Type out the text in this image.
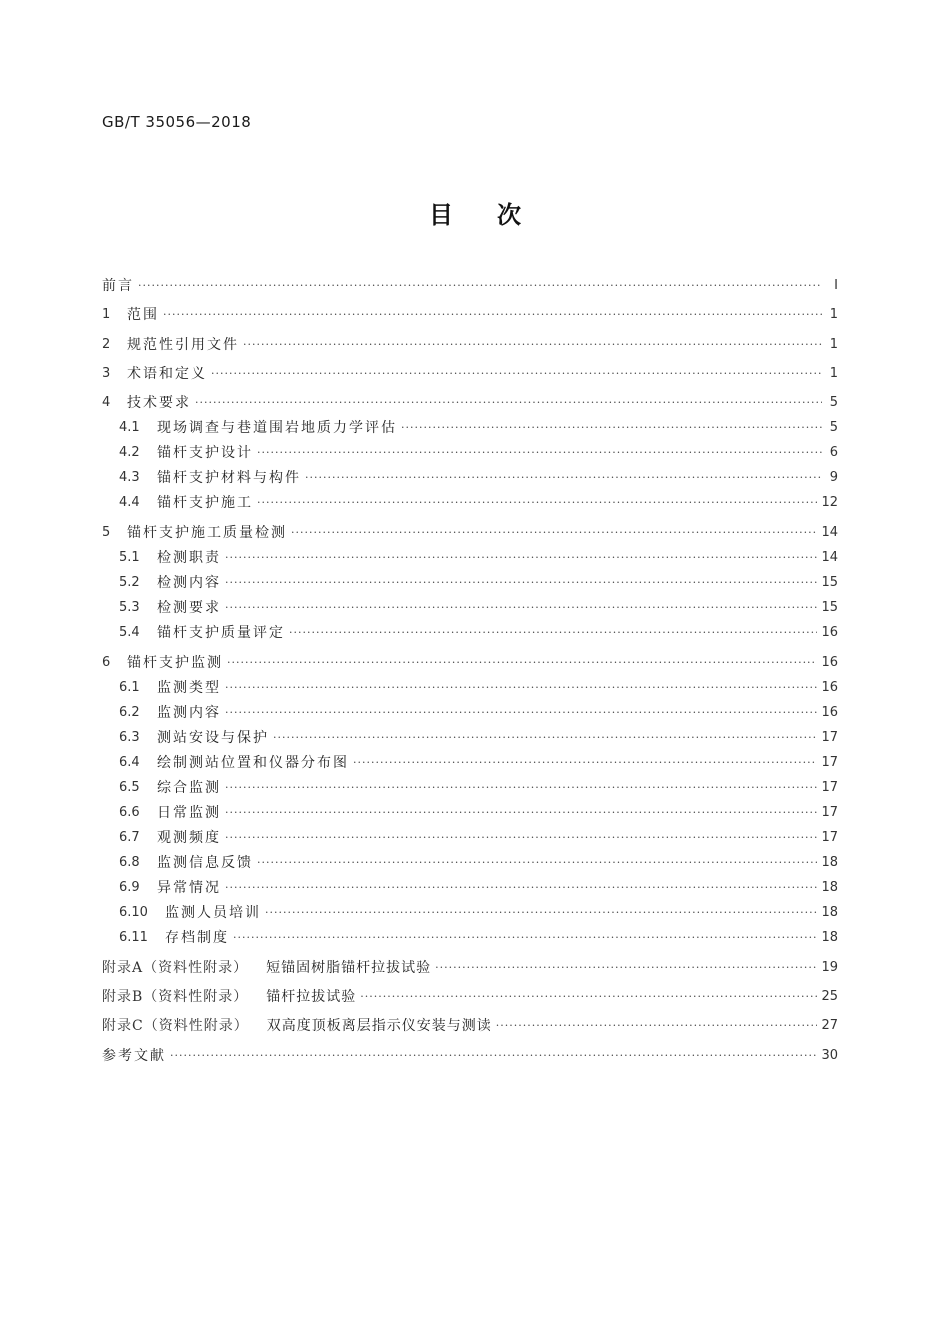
GB/T 35056—2018
目次
前言 ·····	Ⅰ
1	范围 ·····	1
2	规范性引用文件 ·····	1
3	术语和定义 ·····	1
4	技术要求 ·····	5
4.1	现场调查与巷道围岩地质力学评估 ·····	5
4.2	锚杆支护设计 ·····	6
4.3	锚杆支护材料与构件 ·····	9
4.4	锚杆支护施工 ·····	12
5	锚杆支护施工质量检测 ·····	14
5.1	检测职责 ·····	14
5.2	检测内容 ·····	15
5.3	检测要求 ·····	15
5.4	锚杆支护质量评定 ·····	16
6	锚杆支护监测 ·····	16
6.1	监测类型 ·····	16
6.2	监测内容 ·····	16
6.3	测站安设与保护 ·····	17
6.4	绘制测站位置和仪器分布图 ·····	17
6.5	综合监测 ·····	17
6.6	日常监测 ·····	17
6.7	观测频度 ·····	17
6.8	监测信息反馈 ·····	18
6.9	异常情况 ·····	18
6.10	监测人员培训 ·····	18
6.11	存档制度 ·····	18
附录A（资料性附录） 短锚固树脂锚杆拉拔试验 ·····	19
附录B（资料性附录） 锚杆拉拔试验 ·····	25
附录C（资料性附录） 双高度顶板离层指示仪安装与测读 ·····	27
参考文献 ·····	30
